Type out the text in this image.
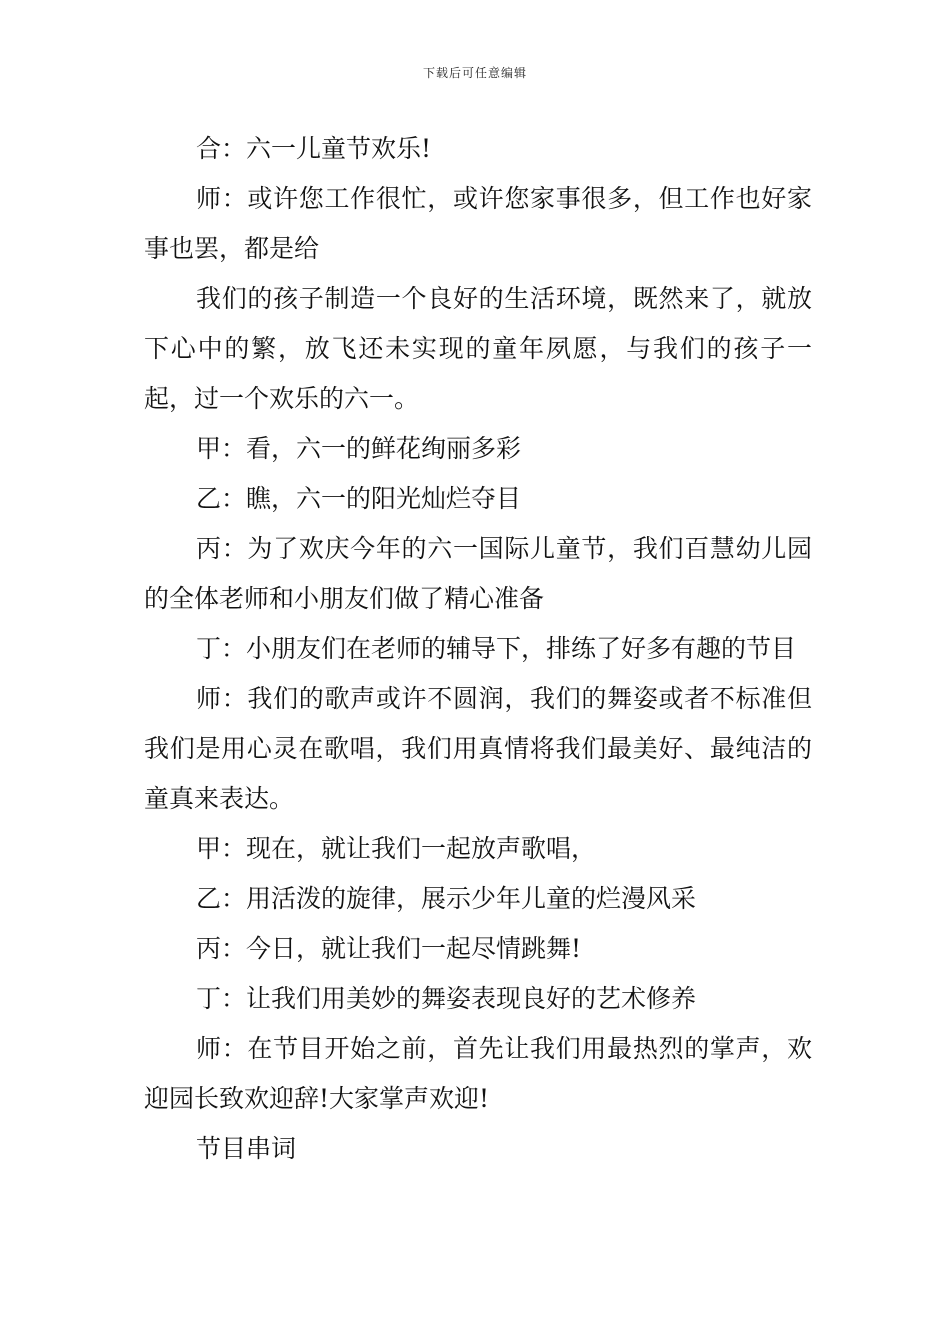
下载后可任意编辑

合：六一儿童节欢乐!

师：或许您工作很忙，或许您家事很多，但工作也好家事也罢，都是给

我们的孩子制造一个良好的生活环境，既然来了，就放下心中的繁，放飞还未实现的童年夙愿，与我们的孩子一起，过一个欢乐的六一。

甲：看，六一的鲜花绚丽多彩

乙：瞧，六一的阳光灿烂夺目

丙：为了欢庆今年的六一国际儿童节，我们百慧幼儿园的全体老师和小朋友们做了精心准备

丁：小朋友们在老师的辅导下，排练了好多有趣的节目

师：我们的歌声或许不圆润，我们的舞姿或者不标准但我们是用心灵在歌唱，我们用真情将我们最美好、最纯洁的童真来表达。

甲：现在，就让我们一起放声歌唱，

乙：用活泼的旋律，展示少年儿童的烂漫风采

丙：今日，就让我们一起尽情跳舞!

丁：让我们用美妙的舞姿表现良好的艺术修养

师：在节目开始之前，首先让我们用最热烈的掌声，欢迎园长致欢迎辞!大家掌声欢迎!

节目串词
